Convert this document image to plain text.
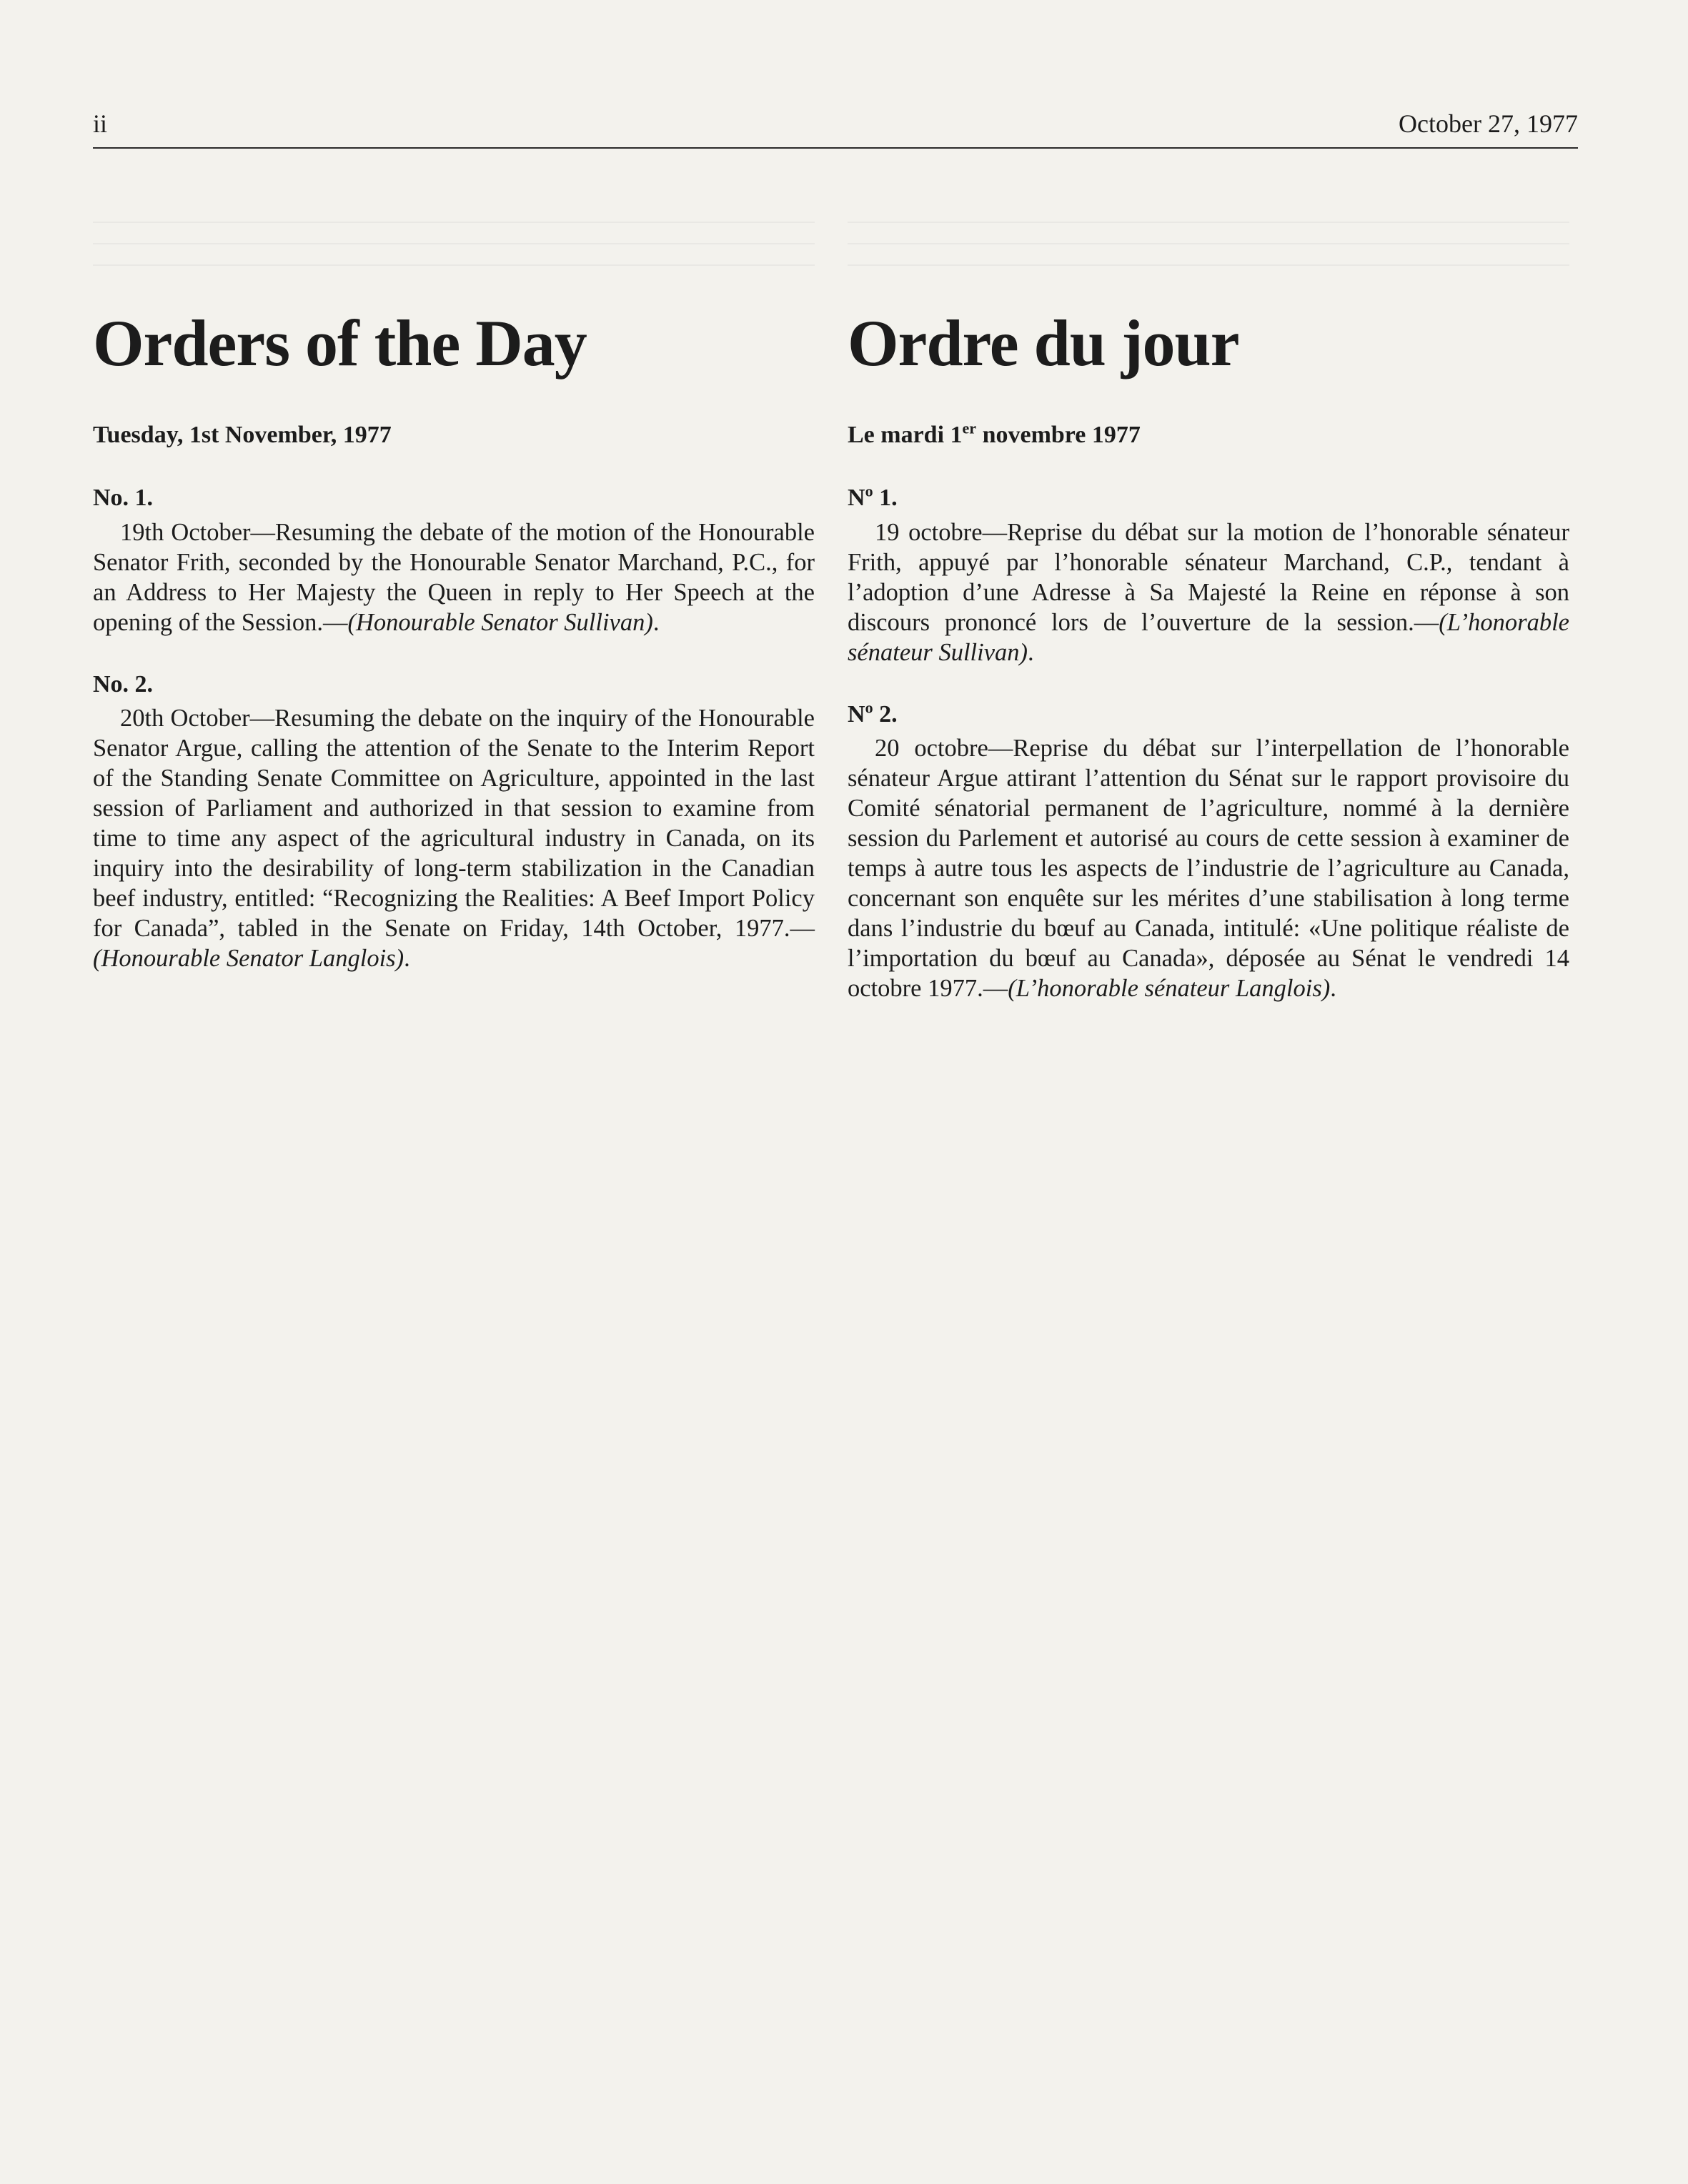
ii	October 27, 1977
Orders of the Day
Tuesday, 1st November, 1977
No. 1.
19th October—Resuming the debate of the motion of the Honourable Senator Frith, seconded by the Honourable Senator Marchand, P.C., for an Address to Her Majesty the Queen in reply to Her Speech at the opening of the Session.—(Honourable Senator Sullivan).
No. 2.
20th October—Resuming the debate on the inquiry of the Honourable Senator Argue, calling the attention of the Senate to the Interim Report of the Standing Senate Committee on Agriculture, appointed in the last session of Parliament and authorized in that session to examine from time to time any aspect of the agricultural industry in Canada, on its inquiry into the desirability of long-term stabilization in the Canadian beef industry, entitled: “Recognizing the Realities: A Beef Import Policy for Canada”, tabled in the Senate on Friday, 14th October, 1977.—(Honourable Senator Langlois).
Ordre du jour
Le mardi 1er novembre 1977
$N^o$ 1.
19 octobre—Reprise du débat sur la motion de l’honorable sénateur Frith, appuyé par l’honorable sénateur Marchand, C.P., tendant à l’adoption d’une Adresse à Sa Majesté la Reine en réponse à son discours prononcé lors de l’ouverture de la session.—(L’honorable sénateur Sullivan).
$N^o$ 2.
20 octobre—Reprise du débat sur l’interpellation de l’honorable sénateur Argue attirant l’attention du Sénat sur le rapport provisoire du Comité sénatorial permanent de l’agriculture, nommé à la dernière session du Parlement et autorisé au cours de cette session à examiner de temps à autre tous les aspects de l’industrie de l’agriculture au Canada, concernant son enquête sur les mérites d’une stabilisation à long terme dans l’industrie du bœuf au Canada, intitulé: «Une politique réaliste de l’importation du bœuf au Canada», déposée au Sénat le vendredi 14 octobre 1977.—(L’honorable sénateur Langlois).
